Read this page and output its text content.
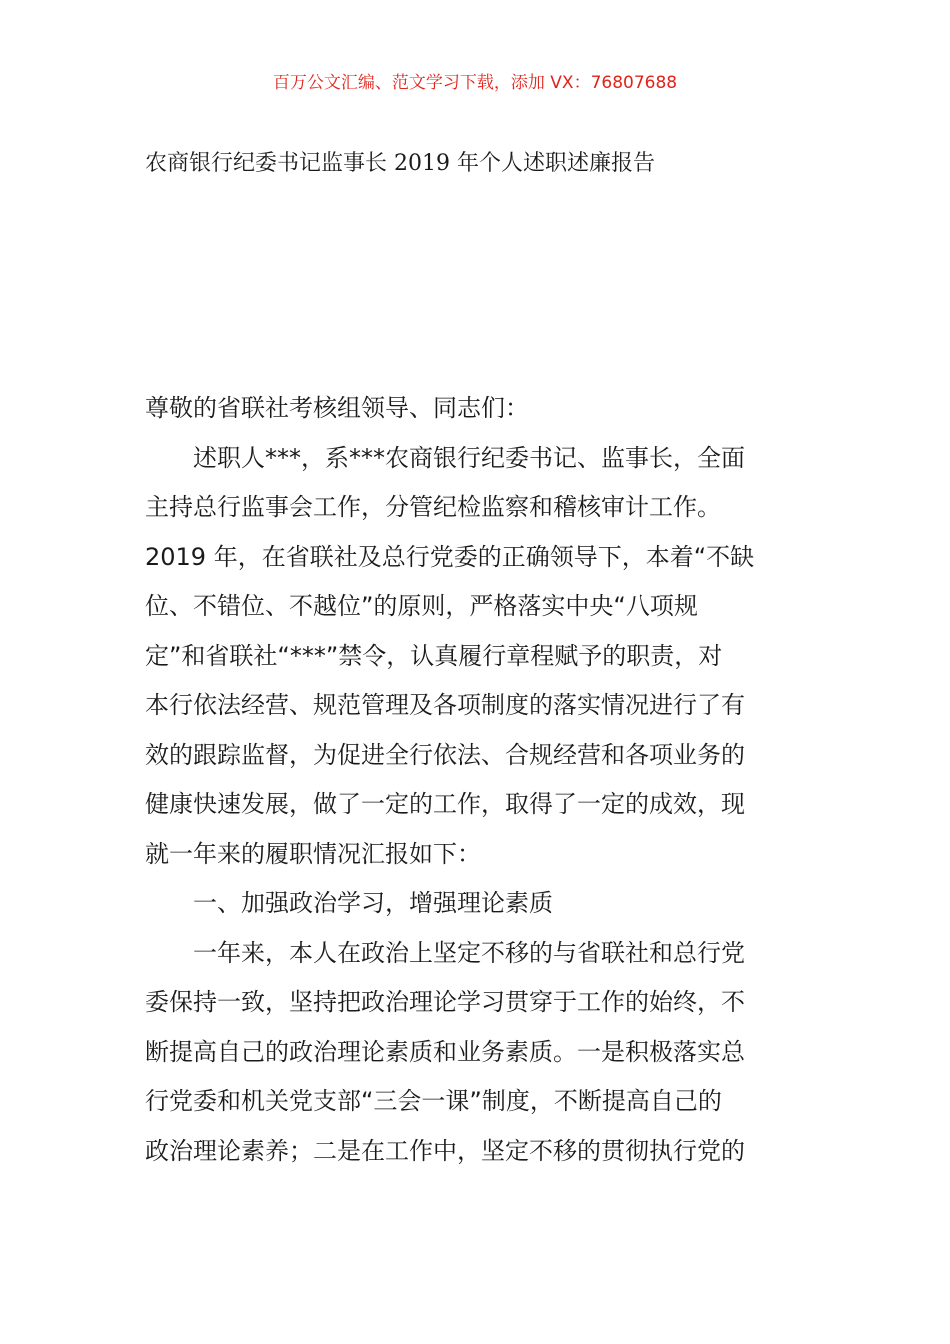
百万公文汇编、范文学习下载，添加 VX：76807688
农商银行纪委书记监事长 2019 年个人述职述廉报告

尊敬的省联社考核组领导、同志们：

述职人***，系***农商银行纪委书记、监事长，全面
主持总行监事会工作，分管纪检监察和稽核审计工作。
2019 年，在省联社及总行党委的正确领导下，本着“不缺
位、不错位、不越位”的原则，严格落实中央“八项规
定”和省联社“***”禁令，认真履行章程赋予的职责，对
本行依法经营、规范管理及各项制度的落实情况进行了有
效的跟踪监督，为促进全行依法、合规经营和各项业务的
健康快速发展，做了一定的工作，取得了一定的成效，现
就一年来的履职情况汇报如下：

一、加强政治学习，增强理论素质

一年来，本人在政治上坚定不移的与省联社和总行党
委保持一致，坚持把政治理论学习贯穿于工作的始终，不
断提高自己的政治理论素质和业务素质。一是积极落实总
行党委和机关党支部“三会一课”制度，不断提高自己的
政治理论素养；二是在工作中，坚定不移的贯彻执行党的
